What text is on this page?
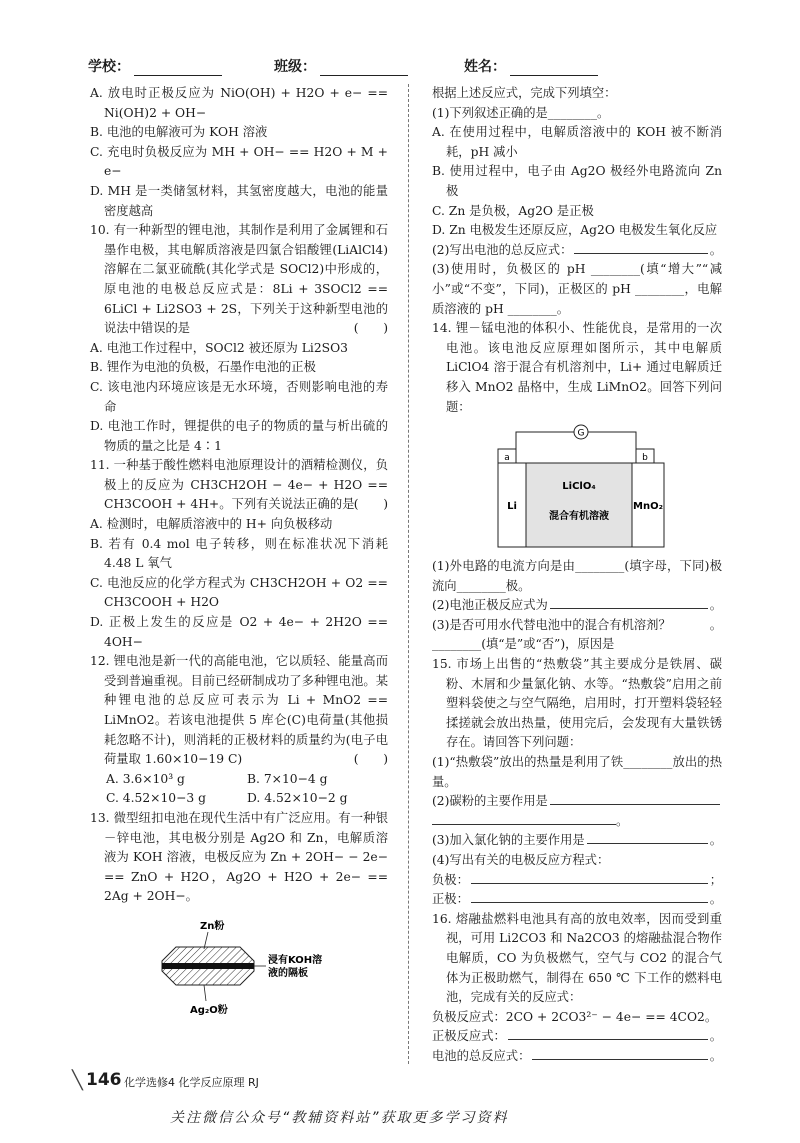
学校：	班级：	姓名：

A. 放电时正极反应为 NiO(OH) + H2O + e− == Ni(OH)2 + OH−

B. 电池的电解液可为 KOH 溶液

C. 充电时负极反应为 MH + OH− == H2O + M + e−

D. MH 是一类储氢材料，其氢密度越大，电池的能量密度越高

10. 有一种新型的锂电池，其制作是利用了金属锂和石墨作电极，其电解质溶液是四氯合铝酸锂(LiAlCl4)溶解在二氯亚硫酰(其化学式是 SOCl2)中形成的，原电池的电极总反应式是：8Li + 3SOCl2 == 6LiCl + Li2SO3 + 2S，下列关于这种新型电池的说法中错误的是	(　　)

A. 电池工作过程中，SOCl2 被还原为 Li2SO3

B. 锂作为电池的负极，石墨作电池的正极

C. 该电池内环境应该是无水环境，否则影响电池的寿命

D. 电池工作时，锂提供的电子的物质的量与析出硫的物质的量之比是 4∶1

11. 一种基于酸性燃料电池原理设计的酒精检测仪，负极上的反应为 CH3CH2OH − 4e− + H2O == CH3COOH + 4H+。下列有关说法正确的是 (　　)

A. 检测时，电解质溶液中的 H+ 向负极移动

B. 若有 0.4 mol 电子转移，则在标准状况下消耗 4.48 L 氧气

C. 电池反应的化学方程式为 CH3CH2OH + O2 == CH3COOH + H2O

D. 正极上发生的反应是 O2 + 4e− + 2H2O == 4OH−

12. 锂电池是新一代的高能电池，它以质轻、能量高而受到普遍重视。目前已经研制成功了多种锂电池。某种锂电池的总反应可表示为 Li + MnO2 == LiMnO2。若该电池提供 5 库仑(C)电荷量(其他损耗忽略不计)，则消耗的正极材料的质量约为(电子电荷量取 1.60×10−19 C)	(　　)

A. 3.6×10³ g	B. 7×10−4 g
C. 4.52×10−3 g	D. 4.52×10−2 g

13. 微型纽扣电池在现代生活中有广泛应用。有一种银－锌电池，其电极分别是 Ag2O 和 Zn，电解质溶液为 KOH 溶液，电极反应为 Zn + 2OH− − 2e− == ZnO + H2O，Ag2O + H2O + 2e− == 2Ag + 2OH−。

Zn粉
浸有KOH溶
液的隔板
Ag₂O粉

根据上述反应式，完成下列填空：

(1)下列叙述正确的是________。

A. 在使用过程中，电解质溶液中的 KOH 被不断消耗，pH 减小

B. 使用过程中，电子由 Ag2O 极经外电路流向 Zn 极

C. Zn 是负极，Ag2O 是正极

D. Zn 电极发生还原反应，Ag2O 电极发生氧化反应

(2)写出电池的总反应式：	。

(3)使用时，负极区的 pH ________(填“增大”“减小”或“不变”，下同)，正极区的 pH ________，电解质溶液的 pH ________。

14. 锂－锰电池的体积小、性能优良，是常用的一次电池。该电池反应原理如图所示，其中电解质 LiClO4 溶于混合有机溶剂中，Li+ 通过电解质迁移入 MnO2 晶格中，生成 LiMnO2。回答下列问题：

G
a	b
Li
LiClO₄
混合有机溶液
MnO₂

(1)外电路的电流方向是由________(填字母，下同)极流向________极。

(2)电池正极反应式为	。
(3)是否可用水代替电池中的混合有机溶剂？________(填“是”或“否”)，原因是
。

15. 市场上出售的“热敷袋”其主要成分是铁屑、碳粉、木屑和少量氯化钠、水等。“热敷袋”启用之前塑料袋使之与空气隔绝，启用时，打开塑料袋轻轻揉搓就会放出热量，使用完后，会发现有大量铁锈存在。请回答下列问题：

(1)“热敷袋”放出的热量是利用了铁________放出的热量。

(2)碳粉的主要作用是
。
(3)加入氯化钠的主要作用是	。

(4)写出有关的电极反应方程式：

负极：	；
正极：	。

16. 熔融盐燃料电池具有高的放电效率，因而受到重视，可用 Li2CO3 和 Na2CO3 的熔融盐混合物作电解质，CO 为负极燃气，空气与 CO2 的混合气体为正极助燃气，制得在 650 ℃ 下工作的燃料电池，完成有关的反应式：

负极反应式：2CO + 2CO3²⁻ − 4e− == 4CO2。

正极反应式：	。
电池的总反应式：	。
╲ 146 化学选修4 化学反应原理 RJ
关注微信公众号“教辅资料站”获取更多学习资料
